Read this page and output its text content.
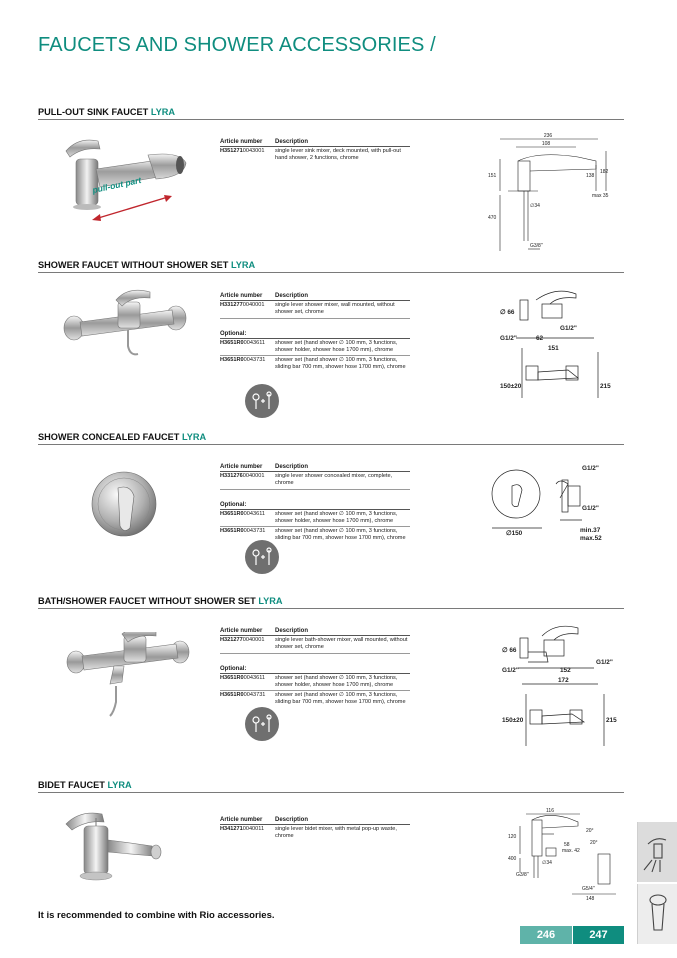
FAUCETS AND SHOWER ACCESSORIES /
PULL-OUT SINK FAUCET LYRA
pull-out part
Article number	Description
H3512710043001	single lever sink mixer, deck mounted, with pull-out hand shower, 2 functions, chrome
236
108
151	138
182
max 35
470
∅34
G3/8"
SHOWER FAUCET WITHOUT SHOWER SET LYRA
Article number	Description
H3312770040001	single lever shower mixer, wall mounted, without shower set, chrome
Optional:
H3651R00043611	shower set (hand shower ∅ 100 mm, 3 functions, shower holder, shower hose 1700 mm), chrome
H3651R00043731	shower set (hand shower ∅ 100 mm, 3 functions, sliding bar 700 mm, shower hose 1700 mm), chrome
∅ 66
G1/2"
G1/2"	62
151
150±20	215
SHOWER CONCEALED FAUCET LYRA
Article number	Description
H3312760040001	single lever shower concealed mixer, complete, chrome
Optional:
H3651R00043611	shower set (hand shower ∅ 100 mm, 3 functions, shower holder, shower hose 1700 mm), chrome
H3651R00043731	shower set (hand shower ∅ 100 mm, 3 functions, sliding bar 700 mm, shower hose 1700 mm), chrome
G1/2"
G1/2"
∅150	min.37
max.52
BATH/SHOWER FAUCET WITHOUT SHOWER SET LYRA
Article number	Description
H3212770040001	single lever bath-shower mixer, wall mounted, without shower set, chrome
Optional:
H3651R00043611	shower set (hand shower ∅ 100 mm, 3 functions, shower holder, shower hose 1700 mm), chrome
H3651R00043731	shower set (hand shower ∅ 100 mm, 3 functions, sliding bar 700 mm, shower hose 1700 mm), chrome
∅ 66
G1/2"
G1/2"	152
172
150±20	215
BIDET FAUCET LYRA
Article number	Description
H3412710040011	single lever bidet mixer, with metal pop-up waste, chrome
116
120
400
58
max. 42
∅34
20°
20°
G3/8"
G5/4"
148
It is recommended to combine with Rio accessories.
246	247
